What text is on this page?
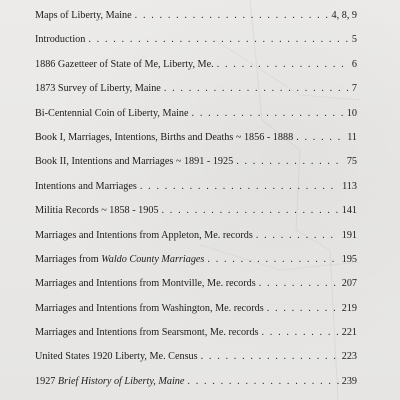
Maps of Liberty, Maine . . .	4, 8, 9
Introduction . . .	5
1886 Gazetteer of State of Me, Liberty, Me. . . .	6
1873 Survey of Liberty, Maine . . .	7
Bi-Centennial Coin of Liberty, Maine . . .	10
Book I, Marriages, Intentions, Births and Deaths ~ 1856 - 1888 . . .	11
Book II, Intentions and Marriages ~ 1891 - 1925 . . .	75
Intentions and Marriages . . .	113
Militia Records ~ 1858 - 1905 . . .	141
Marriages and Intentions from Appleton, Me. records . . .	191
Marriages from Waldo County Marriages . . .	195
Marriages and Intentions from Montville, Me. records . . .	207
Marriages and Intentions from Washington, Me. records . . .	219
Marriages and Intentions from Searsmont, Me. records . . .	221
United States 1920 Liberty, Me. Census . . .	223
1927 Brief History of Liberty, Maine . . .	239
